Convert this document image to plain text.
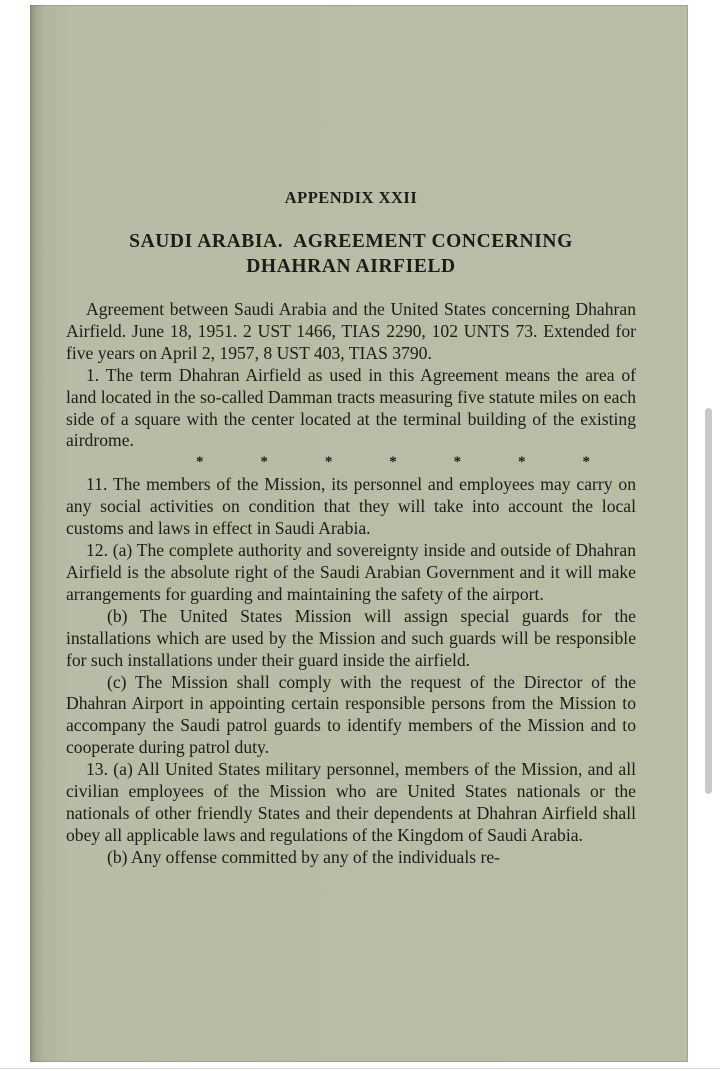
APPENDIX XXII
SAUDI ARABIA.  AGREEMENT CONCERNING
DHAHRAN AIRFIELD

Agreement between Saudi Arabia and the United States concerning Dhahran Airfield. June 18, 1951. 2 UST 1466, TIAS 2290, 102 UNTS 73. Extended for five years on April 2, 1957, 8 UST 403, TIAS 3790.

1. The term Dhahran Airfield as used in this Agreement means the area of land located in the so-called Damman tracts measuring five statute miles on each side of a square with the center located at the terminal building of the existing airdrome.

*	*	*	*	*	*	*

11. The members of the Mission, its personnel and employees may carry on any social activities on condition that they will take into account the local customs and laws in effect in Saudi Arabia.

12. (a) The complete authority and sovereignty inside and outside of Dhahran Airfield is the absolute right of the Saudi Arabian Government and it will make arrangements for guarding and maintaining the safety of the airport.

(b) The United States Mission will assign special guards for the installations which are used by the Mission and such guards will be responsible for such installations under their guard inside the airfield.

(c) The Mission shall comply with the request of the Director of the Dhahran Airport in appointing certain responsible persons from the Mission to accompany the Saudi patrol guards to identify members of the Mission and to cooperate during patrol duty.

13. (a) All United States military personnel, members of the Mission, and all civilian employees of the Mission who are United States nationals or the nationals of other friendly States and their dependents at Dhahran Airfield shall obey all applicable laws and regulations of the Kingdom of Saudi Arabia.

(b) Any offense committed by any of the individuals re-
